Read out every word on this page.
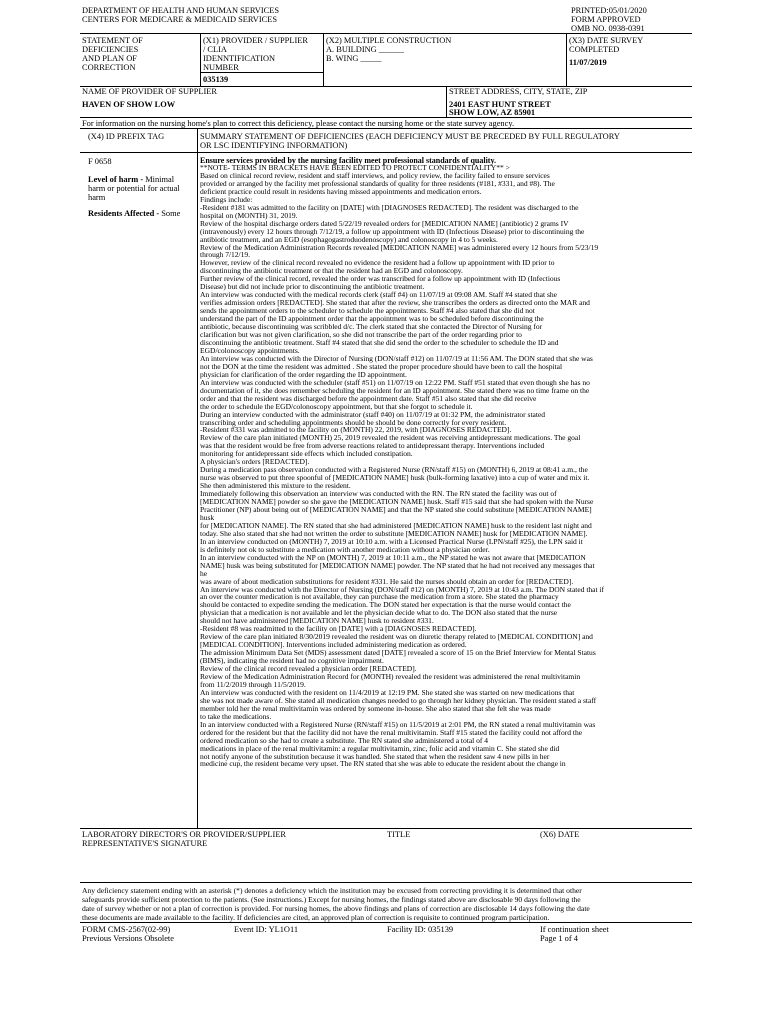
DEPARTMENT OF HEALTH AND HUMAN SERVICES
CENTERS FOR MEDICARE & MEDICAID SERVICES
PRINTED:05/01/2020
FORM APPROVED
OMB NO. 0938-0391
STATEMENT OF
DEFICIENCIES
AND PLAN OF
CORRECTION
(X1) PROVIDER / SUPPLIER
/ CLIA
IDENNTIFICATION
NUMBER
035139
(X2) MULTIPLE CONSTRUCTION
A. BUILDING ______
B. WING _____
(X3) DATE SURVEY
COMPLETED
11/07/2019
NAME OF PROVIDER OF SUPPLIER
HAVEN OF SHOW LOW
STREET ADDRESS, CITY, STATE, ZIP
2401 EAST HUNT STREET
SHOW LOW, AZ 85901
For information on the nursing home's plan to correct this deficiency, please contact the nursing home or the state survey agency.
(X4) ID PREFIX TAG	SUMMARY STATEMENT OF DEFICIENCIES (EACH DEFICIENCY MUST BE PRECEDED BY FULL REGULATORY
OR LSC IDENTIFYING INFORMATION)
F 0658
Level of harm - Minimal
harm or potential for actual
harm
Residents Affected - Some
Ensure services provided by the nursing facility meet professional standards of quality.
**NOTE- TERMS IN BRACKETS HAVE BEEN EDITED TO PROTECT CONFIDENTIALITY** >
Based on clinical record review, resident and staff interviews, and policy review, the facility failed to ensure services
provided or arranged by the facility met professional standards of quality for three residents (#181, #331, and #8). The
deficient practice could result in residents having missed appointments and medication errors.
Findings include:
-Resident #181 was admitted to the facility on [DATE] with [DIAGNOSES REDACTED]. The resident was discharged to the
hospital on (MONTH) 31, 2019.
Review of the hospital discharge orders dated 5/22/19 revealed orders for [MEDICATION NAME] (antibiotic) 2 grams IV
(intravenously) every 12 hours through 7/12/19, a follow up appointment with ID (Infectious Disease) prior to discontinuing the
antibiotic treatment, and an EGD (esophagogastroduodenoscopy) and colonoscopy in 4 to 5 weeks.
Review of the Medication Administration Records revealed [MEDICATION NAME] was administered every 12 hours from 5/23/19
through 7/12/19.
However, review of the clinical record revealed no evidence the resident had a follow up appointment with ID prior to
discontinuing the antibiotic treatment or that the resident had an EGD and colonoscopy.
Further review of the clinical record, revealed the order was transcribed for a follow up appointment with ID (Infectious
Disease) but did not include prior to discontinuing the antibiotic treatment.
An interview was conducted with the medical records clerk (staff #4) on 11/07/19 at 09:08 AM. Staff #4 stated that she
verifies admission orders [REDACTED]. She stated that after the review, she transcribes the orders as directed onto the MAR and
sends the appointment orders to the scheduler to schedule the appointments. Staff #4 also stated that she did not
understand the part of the ID appointment order that the appointment was to be scheduled before discontinuing the
antibiotic, because discontinuing was scribbled d/c. The clerk stated that she contacted the Director of Nursing for
clarification but was not given clarification, so she did not transcribe the part of the order regarding prior to
discontinuing the antibiotic treatment. Staff #4 stated that she did send the order to the scheduler to schedule the ID and
EGD/colonoscopy appointments.
An interview was conducted with the Director of Nursing (DON/staff #12) on 11/07/19 at 11:56 AM. The DON stated that she was
not the DON at the time the resident was admitted . She stated the proper procedure should have been to call the hospital
physician for clarification of the order regarding the ID appointment.
An interview was conducted with the scheduler (staff #51) on 11/07/19 on 12:22 PM. Staff #51 stated that even though she has no
documentation of it, she does remember scheduling the resident for an ID appointment. She stated there was no time frame on the
order and that the resident was discharged before the appointment date. Staff #51 also stated that she did receive
the order to schedule the EGD/colonoscopy appointment, but that she forgot to schedule it.
During an interview conducted with the administrator (staff #40) on 11/07/19 at 01:32 PM, the administrator stated
transcribing order and scheduling appointments should be should be done correctly for every resident.
-Resident #331 was admitted to the facility on (MONTH) 22, 2019, with [DIAGNOSES REDACTED].
Review of the care plan initiated (MONTH) 25, 2019 revealed the resident was receiving antidepressant medications. The goal
was that the resident would be free from adverse reactions related to antidepressant therapy. Interventions included
monitoring for antidepressant side effects which included constipation.
A physician's orders [REDACTED].
During a medication pass observation conducted with a Registered Nurse (RN/staff #15) on (MONTH) 6, 2019 at 08:41 a.m., the
nurse was observed to put three spoonful of [MEDICATION NAME] husk (bulk-forming laxative) into a cup of water and mix it.
She then administered this mixture to the resident.
Immediately following this observation an interview was conducted with the RN. The RN stated the facility was out of
[MEDICATION NAME] powder so she gave the [MEDICATION NAME] husk. Staff #15 said that she had spoken with the Nurse
Practitioner (NP) about being out of [MEDICATION NAME] and that the NP stated she could substitute [MEDICATION NAME]
husk
for [MEDICATION NAME]. The RN stated that she had administered [MEDICATION NAME] husk to the resident last night and
today. She also stated that she had not written the order to substitute [MEDICATION NAME] husk for [MEDICATION NAME].
In an interview conducted on (MONTH) 7, 2019 at 10:10 a.m. with a Licensed Practical Nurse (LPN/staff #25), the LPN said it
is definitely not ok to substitute a medication with another medication without a physician order.
In an interview conducted with the NP on (MONTH) 7, 2019 at 10:11 a.m., the NP stated he was not aware that [MEDICATION
NAME] husk was being substituted for [MEDICATION NAME] powder. The NP stated that he had not received any messages that
he
was aware of about medication substitutions for resident #331. He said the nurses should obtain an order for [REDACTED].
An interview was conducted with the Director of Nursing (DON/staff #12) on (MONTH) 7, 2019 at 10:43 a.m. The DON stated that if
an over the counter medication is not available, they can purchase the medication from a store. She stated the pharmacy
should be contacted to expedite sending the medication. The DON stated her expectation is that the nurse would contact the
physician that a medication is not available and let the physician decide what to do. The DON also stated that the nurse
should not have administered [MEDICATION NAME] husk to resident #331.
-Resident #8 was readmitted to the facility on [DATE] with a [DIAGNOSES REDACTED].
Review of the care plan initiated 8/30/2019 revealed the resident was on diuretic therapy related to [MEDICAL CONDITION] and
[MEDICAL CONDITION]. Interventions included administering medication as ordered.
The admission Minimum Data Set (MDS) assessment dated [DATE] revealed a score of 15 on the Brief Interview for Mental Status
(BIMS), indicating the resident had no cognitive impairment.
Review of the clinical record revealed a physician order [REDACTED].
Review of the Medication Administration Record for (MONTH) revealed the resident was administered the renal multivitamin
from 11/2/2019 through 11/5/2019.
An interview was conducted with the resident on 11/4/2019 at 12:19 PM. She stated she was started on new medications that
she was not made aware of. She stated all medication changes needed to go through her kidney physician. The resident stated a staff
member told her the renal multivitamin was ordered by someone in-house. She also stated that she felt she was made
to take the medications.
In an interview conducted with a Registered Nurse (RN/staff #15) on 11/5/2019 at 2:01 PM, the RN stated a renal multivitamin was
ordered for the resident but that the facility did not have the renal multivitamin. Staff #15 stated the facility could not afford the
ordered medication so she had to create a substitute. The RN stated she administered a total of 4
medications in place of the renal multivitamin: a regular multivitamin, zinc, folic acid and vitamin C. She stated she did
not notify anyone of the substitution because it was handled. She stated that when the resident saw 4 new pills in her
medicine cup, the resident became very upset. The RN stated that she was able to educate the resident about the change in
LABORATORY DIRECTOR'S OR PROVIDER/SUPPLIER
REPRESENTATIVE'S SIGNATURE
TITLE	(X6) DATE
Any deficiency statement ending with an asterisk (*) denotes a deficiency which the institution may be excused from correcting providing it is determined that other
safeguards provide sufficient protection to the patients. (See instructions.) Except for nursing homes, the findings stated above are disclosable 90 days following the
date of survey whether or not a plan of correction is provided. For nursing homes, the above findings and plans of correction are disclosable 14 days following the date
these documents are made available to the facility. If deficiencies are cited, an approved plan of correction is requisite to continued program participation.
FORM CMS-2567(02-99)
Previous Versions Obsolete
Event ID: YL1O11	Facility ID: 035139	If continuation sheet
Page 1 of 4
